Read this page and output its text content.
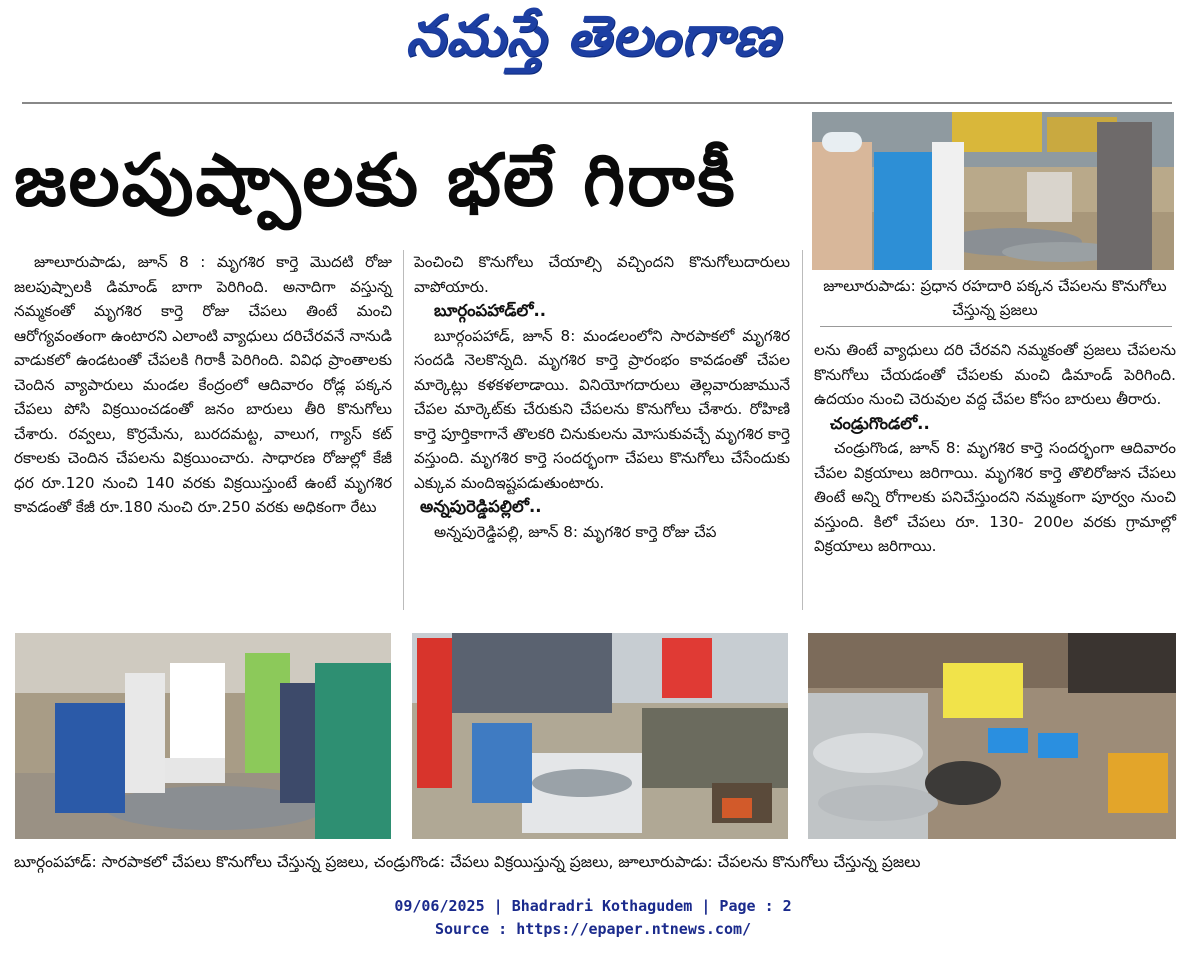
నమస్తే తెలంగాణ
జలపుష్పాలకు భలే గిరాకీ
జూలూరుపాడు: ప్రధాన రహదారి పక్కన చేపలను కొనుగోలు చేస్తున్న ప్రజలు

జూలూరుపాడు, జూన్ 8 : మృగశిర కార్తె మొదటి రోజు జలపుష్పాలకి డిమాండ్ బాగా పెరిగింది. అనాదిగా వస్తున్న నమ్మకంతో మృగశిర కార్తె రోజు చేపలు తింటే మంచి ఆరోగ్యవంతంగా ఉంటారని ఎలాంటి వ్యాధులు దరిచేరవనే నానుడి వాడుకలో ఉండటంతో చేపలకి గిరాకీ పెరిగింది. వివిధ ప్రాంతాలకు చెందిన వ్యాపారులు మండల కేంద్రంలో ఆదివారం రోడ్ల పక్కన చేపలు పోసి విక్రయించడంతో జనం బారులు తీరి కొనుగోలు చేశారు. రవ్వలు, కొర్రమేను, బురదమట్ట, వాలుగ, గ్యాస్ కట్ రకాలకు చెందిన చేపలను విక్రయించారు. సాధారణ రోజుల్లో కేజీ ధర రూ.120 నుంచి 140 వరకు విక్రయిస్తుంటే ఉంటే మృగశిర కావడంతో కేజీ రూ.180 నుంచి రూ.250 వరకు అధికంగా రేటు

పెంచించి కొనుగోలు చేయాల్సి వచ్చిందని కొనుగోలుదారులు వాపోయారు.

బూర్గంపహాడ్‌లో..

బూర్గంపహాడ్, జూన్ 8: మండలంలోని సారపాకలో మృగశిర సందడి నెలకొన్నది. మృగశిర కార్తె ప్రారంభం కావడంతో చేపల మార్కెట్లు కళకళలాడాయి. వినియోగదారులు తెల్లవారుజామునే చేపల మార్కెట్‌కు చేరుకుని చేపలను కొనుగోలు చేశారు. రోహిణి కార్తె పూర్తికాగానే తొలకరి చినుకులను మోసుకువచ్చే మృగశిర కార్తె వస్తుంది. మృగశిర కార్తె సందర్భంగా చేపలు కొనుగోలు చేసేందుకు ఎక్కువ మందిఇష్టపడుతుంటారు.

అన్నపురెడ్డిపల్లిలో..

అన్నపురెడ్డిపల్లి, జూన్ 8: మృగశిర కార్తె రోజు చేప

లను తింటే వ్యాధులు దరి చేరవని నమ్మకంతో ప్రజలు చేపలను కొనుగోలు చేయడంతో చేపలకు మంచి డిమాండ్ పెరిగింది. ఉదయం నుంచి చెరువుల వద్ద చేపల కోసం బారులు తీరారు.

చండ్రుగొండలో..

చండ్రుగొండ, జూన్ 8: మృగశిర కార్తె సందర్భంగా ఆదివారం చేపల విక్రయాలు జరిగాయి. మృగశిర కార్తె తొలిరోజున చేపలు తింటే అన్ని రోగాలకు పనిచేస్తుందని నమ్మకంగా పూర్వం నుంచి వస్తుంది. కిలో చేపలు రూ. 130- 200ల వరకు గ్రామాల్లో విక్రయాలు జరిగాయి.

బూర్గంపహాడ్: సారపాకలో చేపలు కొనుగోలు చేస్తున్న ప్రజలు, చండ్రుగొండ: చేపలు విక్రయిస్తున్న ప్రజలు, జూలూరుపాడు: చేపలను కొనుగోలు చేస్తున్న ప్రజలు
09/06/2025 | Bhadradri Kothagudem | Page : 2
Source : https://epaper.ntnews.com/
